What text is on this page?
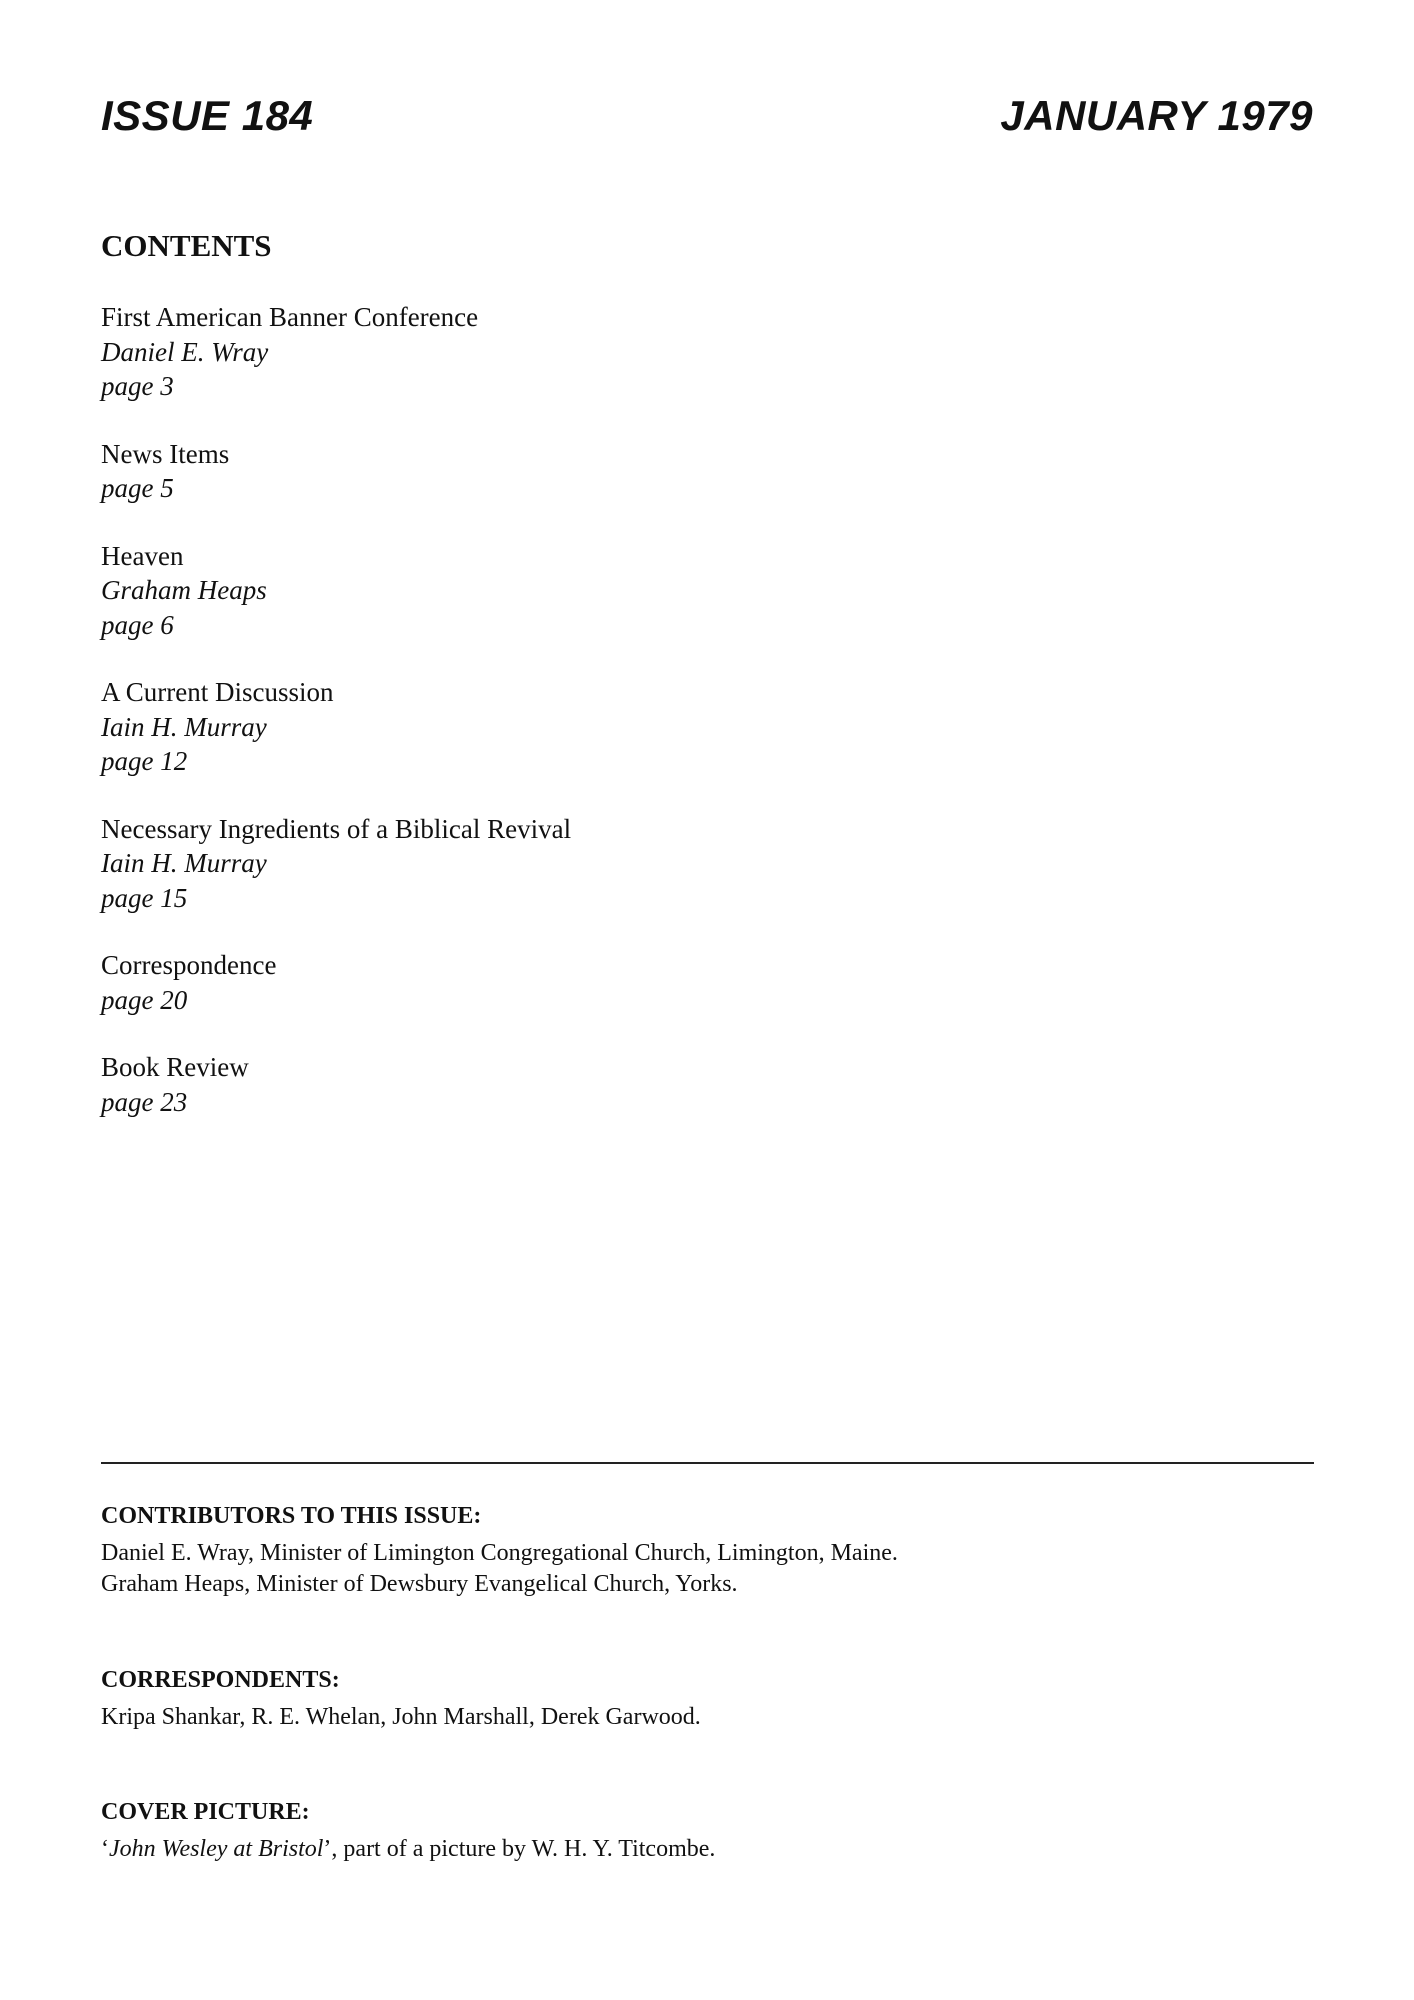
ISSUE 184	JANUARY 1979
CONTENTS
First American Banner Conference
Daniel E. Wray
page 3
News Items
page 5
Heaven
Graham Heaps
page 6
A Current Discussion
Iain H. Murray
page 12
Necessary Ingredients of a Biblical Revival
Iain H. Murray
page 15
Correspondence
page 20
Book Review
page 23
CONTRIBUTORS TO THIS ISSUE:

Daniel E. Wray, Minister of Limington Congregational Church, Limington, Maine.

Graham Heaps, Minister of Dewsbury Evangelical Church, Yorks.

CORRESPONDENTS:

Kripa Shankar, R. E. Whelan, John Marshall, Derek Garwood.

COVER PICTURE:

‘John Wesley at Bristol’, part of a picture by W. H. Y. Titcombe.
